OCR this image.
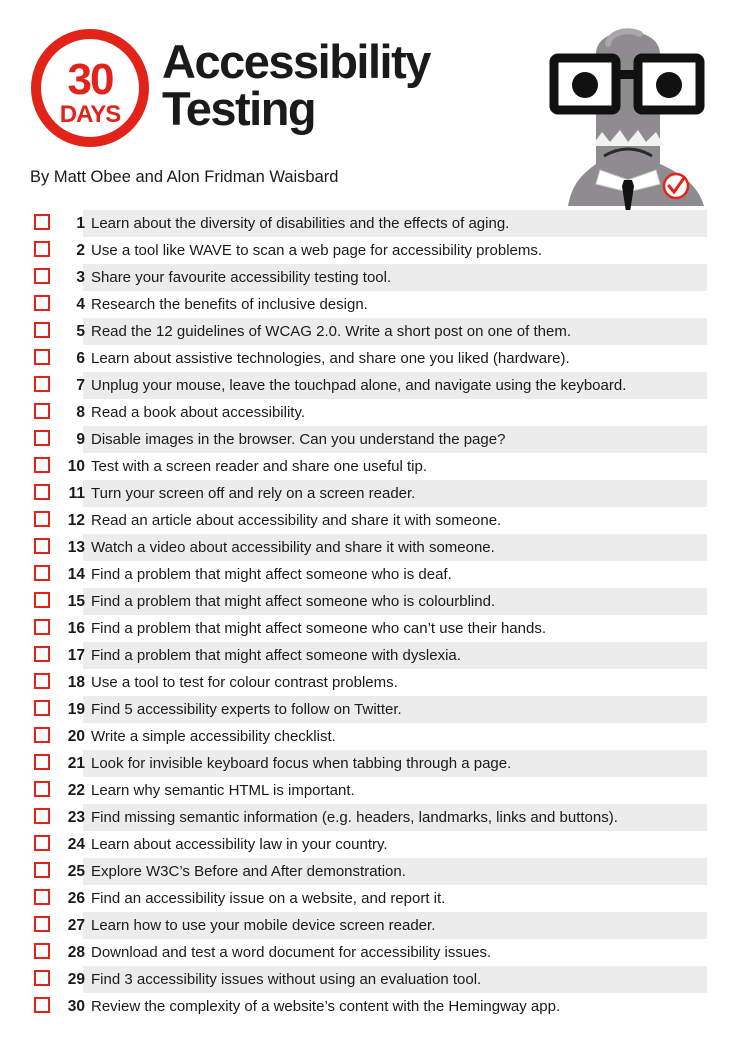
30
DAYS
Accessibility
Testing
By Matt Obee and Alon Fridman Waisbard
1 Learn about the diversity of disabilities and the effects of aging.
2 Use a tool like WAVE to scan a web page for accessibility problems.
3 Share your favourite accessibility testing tool.
4 Research the benefits of inclusive design.
5 Read the 12 guidelines of WCAG 2.0. Write a short post on one of them.
6 Learn about assistive technologies, and share one you liked (hardware).
7 Unplug your mouse, leave the touchpad alone, and navigate using the keyboard.
8 Read a book about accessibility.
9 Disable images in the browser. Can you understand the page?
10 Test with a screen reader and share one useful tip.
11 Turn your screen off and rely on a screen reader.
12 Read an article about accessibility and share it with someone.
13 Watch a video about accessibility and share it with someone.
14 Find a problem that might affect someone who is deaf.
15 Find a problem that might affect someone who is colourblind.
16 Find a problem that might affect someone who can’t use their hands.
17 Find a problem that might affect someone with dyslexia.
18 Use a tool to test for colour contrast problems.
19 Find 5 accessibility experts to follow on Twitter.
20 Write a simple accessibility checklist.
21 Look for invisible keyboard focus when tabbing through a page.
22 Learn why semantic HTML is important.
23 Find missing semantic information (e.g. headers, landmarks, links and buttons).
24 Learn about accessibility law in your country.
25 Explore W3C’s Before and After demonstration.
26 Find an accessibility issue on a website, and report it.
27 Learn how to use your mobile device screen reader.
28 Download and test a word document for accessibility issues.
29 Find 3 accessibility issues without using an evaluation tool.
30 Review the complexity of a website’s content with the Hemingway app.
